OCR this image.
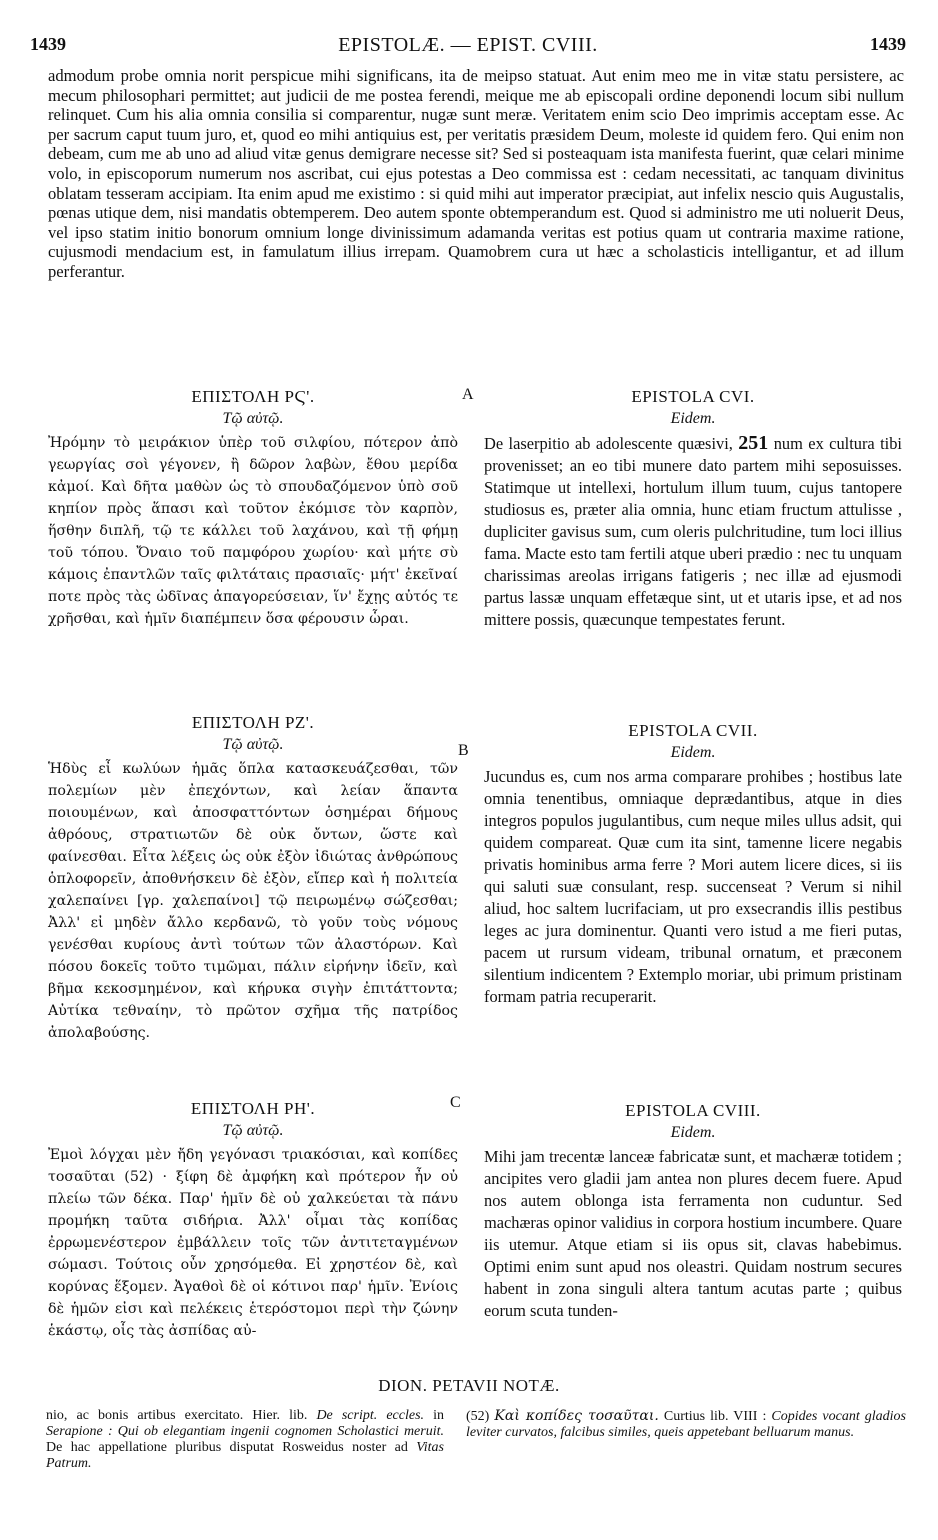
1439	EPISTOLÆ. — EPIST. CVIII.	1439
admodum probe omnia norit perspicue mihi significans, ita de meipso statuat. Aut enim meo me in vitæ statu persistere, ac mecum philosophari permittet; aut judicii de me postea ferendi, meique me ab episcopali ordine deponendi locum sibi nullum relinquet. Cum his alia omnia consilia si comparentur, nugæ sunt meræ. Veritatem enim scio Deo imprimis acceptam esse. Ac per sacrum caput tuum juro, et, quod eo mihi antiquius est, per veritatis præsidem Deum, moleste id quidem fero. Qui enim non debeam, cum me ab uno ad aliud vitæ genus demigrare necesse sit? Sed si posteaquam ista manifesta fuerint, quæ celari minime volo, in episcoporum numerum nos ascribat, cui ejus potestas a Deo commissa est : cedam necessitati, ac tanquam divinitus oblatam tesseram accipiam. Ita enim apud me existimo : si quid mihi aut imperator præcipiat, aut infelix nescio quis Augustalis, pœnas utique dem, nisi mandatis obtemperem. Deo autem sponte obtemperandum est. Quod si administro me uti noluerit Deus, vel ipso statim initio bonorum omnium longe divinissimum adamanda veritas est potius quam ut contraria maxime ratione, cujusmodi mendacium est, in famulatum illius irrepam. Quamobrem cura ut hæc a scholasticis intelligantur, et ad illum perferantur.
ΕΠΙΣΤΟΛΗ ΡϚ'.
Τῷ αὐτῷ.
Ἠρόμην τὸ μειράκιον ὑπὲρ τοῦ σιλφίου, πότερον ἀπὸ γεωργίας σοὶ γέγονεν, ἢ δῶρον λαβὼν, ἔθου μερίδα κἀμοί. Καὶ δῆτα μαθὼν ὡς τὸ σπουδαζόμενον ὑπὸ σοῦ κηπίον πρὸς ἅπασι καὶ τοῦτον ἐκόμισε τὸν καρπὸν, ἥσθην διπλῆ, τῷ τε κάλλει τοῦ λαχάνου, καὶ τῇ φήμῃ τοῦ τόπου. Ὄναιο τοῦ παμφόρου χωρίου· καὶ μήτε σὺ κάμοις ἐπαντλῶν ταῖς φιλτάταις πρασιαῖς· μήτ' ἐκεῖναί ποτε πρὸς τὰς ὠδῖνας ἀπαγορεύσειαν, ἵν' ἔχῃς αὐτός τε χρῆσθαι, καὶ ἡμῖν διαπέμπειν ὅσα φέρουσιν ὧραι.
ΕΠΙΣΤΟΛΗ ΡΖ'.
Τῷ αὐτῷ.
Ἡδὺς εἶ κωλύων ἡμᾶς ὅπλα κατασκευάζεσθαι, τῶν πολεμίων μὲν ἐπεχόντων, καὶ λείαν ἅπαντα ποιουμένων, καὶ ἀποσφαττόντων ὁσημέραι δήμους ἀθρόους, στρατιωτῶν δὲ οὐκ ὄντων, ὥστε καὶ φαίνεσθαι. Εἶτα λέξεις ὡς οὐκ ἐξὸν ἰδιώτας ἀνθρώπους ὁπλοφορεῖν, ἀποθνήσκειν δὲ ἐξὸν, εἴπερ καὶ ἡ πολιτεία χαλεπαίνει [γρ. χαλεπαίνοι] τῷ πειρωμένῳ σώζεσθαι; Ἀλλ' εἰ μηδὲν ἄλλο κερδανῶ, τὸ γοῦν τοὺς νόμους γενέσθαι κυρίους ἀντὶ τούτων τῶν ἀλαστόρων. Καὶ πόσου δοκεῖς τοῦτο τιμῶμαι, πάλιν εἰρήνην ἰδεῖν, καὶ βῆμα κεκοσμημένον, καὶ κήρυκα σιγὴν ἐπιτάττοντα; Αὐτίκα τεθναίην, τὸ πρῶτον σχῆμα τῆς πατρίδος ἀπολαβούσης.
ΕΠΙΣΤΟΛΗ ΡΗ'.
Τῷ αὐτῷ.
Ἐμοὶ λόγχαι μὲν ἤδη γεγόνασι τριακόσιαι, καὶ κοπίδες τοσαῦται (52) · ξίφη δὲ ἀμφήκη καὶ πρότερον ἦν οὐ πλείω τῶν δέκα. Παρ' ἡμῖν δὲ οὐ χαλκεύεται τὰ πάνυ προμήκη ταῦτα σιδήρια. Ἀλλ' οἶμαι τὰς κοπίδας ἐρρωμενέστερον ἐμβάλλειν τοῖς τῶν ἀντιτεταγμένων σώμασι. Τούτοις οὖν χρησόμεθα. Εἰ χρηστέον δὲ, καὶ κορύνας ἕξομεν. Ἀγαθοὶ δὲ οἱ κότινοι παρ' ἡμῖν. Ἐνίοις δὲ ἡμῶν εἰσι καὶ πελέκεις ἑτερόστομοι περὶ τὴν ζώνην ἑκάστῳ, οἷς τὰς ἀσπίδας αὐ-
A
B
C
EPISTOLA CVI.
Eidem.
De laserpitio ab adolescente quæsivi, 251 num ex cultura tibi provenisset; an eo tibi munere dato partem mihi seposuisses. Statimque ut intellexi, hortulum illum tuum, cujus tantopere studiosus es, præter alia omnia, hunc etiam fructum attulisse , dupliciter gavisus sum, cum oleris pulchritudine, tum loci illius fama. Macte esto tam fertili atque uberi prædio : nec tu unquam charissimas areolas irrigans fatigeris ; nec illæ ad ejusmodi partus lassæ unquam effetæque sint, ut et utaris ipse, et ad nos mittere possis, quæcunque tempestates ferunt.
EPISTOLA CVII.
Eidem.
Jucundus es, cum nos arma comparare prohibes ; hostibus late omnia tenentibus, omniaque deprædantibus, atque in dies integros populos jugulantibus, cum neque miles ullus adsit, qui quidem compareat. Quæ cum ita sint, tamenne licere negabis privatis hominibus arma ferre ? Mori autem licere dices, si iis qui saluti suæ consulant, resp. succenseat ? Verum si nihil aliud, hoc saltem lucrifaciam, ut pro exsecrandis illis pestibus leges ac jura dominentur. Quanti vero istud a me fieri putas, pacem ut rursum videam, tribunal ornatum, et præconem silentium indicentem ? Extemplo moriar, ubi primum pristinam formam patria recuperarit.
EPISTOLA CVIII.
Eidem.
Mihi jam trecentæ lanceæ fabricatæ sunt, et machæræ totidem ; ancipites vero gladii jam antea non plures decem fuere. Apud nos autem oblonga ista ferramenta non cuduntur. Sed machæras opinor validius in corpora hostium incumbere. Quare iis utemur. Atque etiam si iis opus sit, clavas habebimus. Optimi enim sunt apud nos oleastri. Quidam nostrum secures habent in zona singuli altera tantum acutas parte ; quibus eorum scuta tunden-
DION. PETAVII NOTÆ.
nio, ac bonis artibus exercitato. Hier. lib. De script. eccles. in Serapione : Qui ob elegantiam ingenii cognomen Scholastici meruit. De hac appellatione pluribus disputat Rosweidus noster ad Vitas Patrum.
(52) Καὶ κοπίδες τοσαῦται. Curtius lib. VIII : Copides vocant gladios leviter curvatos, falcibus similes, queis appetebant belluarum manus.
